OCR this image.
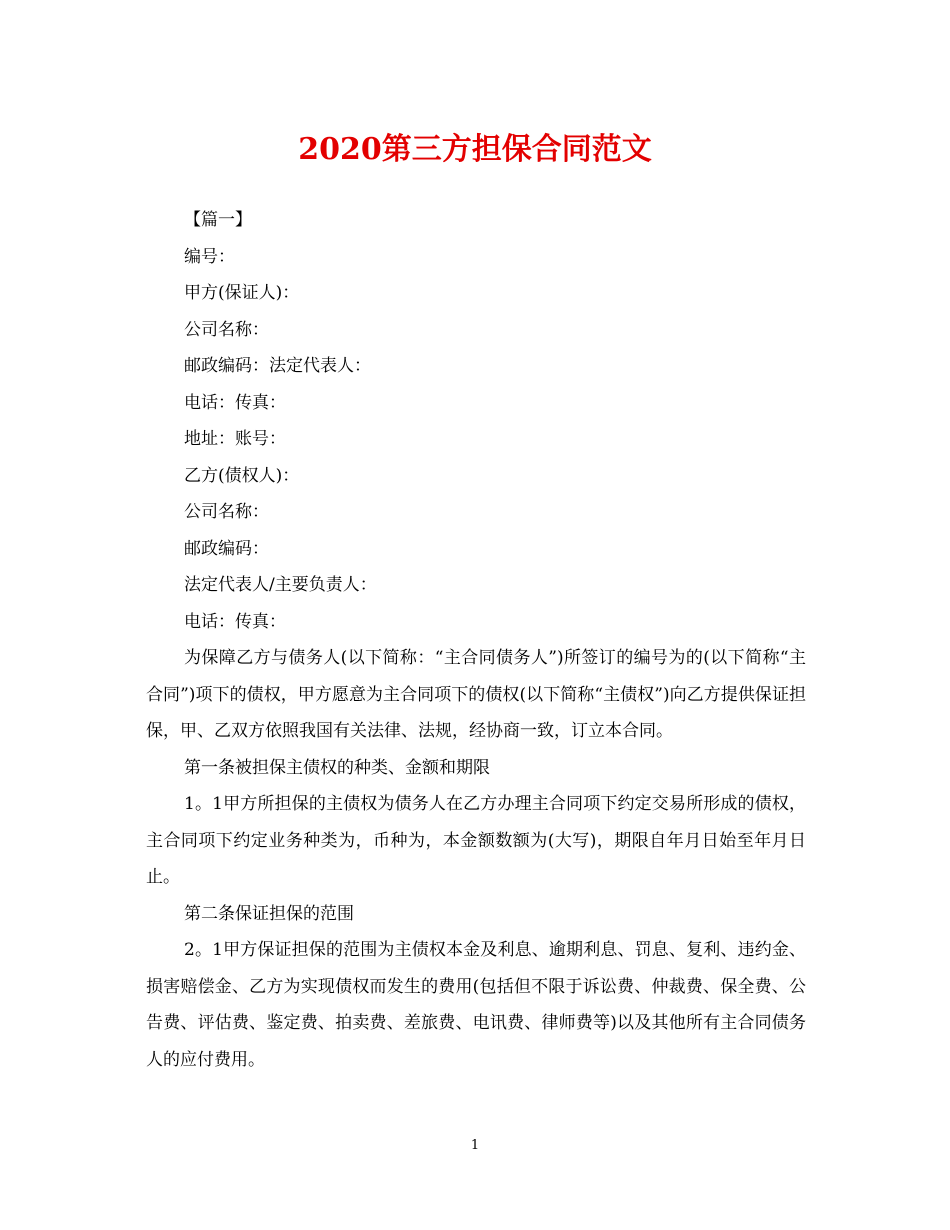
2020第三方担保合同范文

【篇一】

编号：

甲方(保证人)：

公司名称：

邮政编码：法定代表人：

电话：传真：

地址：账号：

乙方(债权人)：

公司名称：

邮政编码：

法定代表人/主要负责人：

电话：传真：

为保障乙方与债务人(以下简称：“主合同债务人”)所签订的编号为的(以下简称“主合同”)项下的债权，甲方愿意为主合同项下的债权(以下简称“主债权”)向乙方提供保证担保，甲、乙双方依照我国有关法律、法规，经协商一致，订立本合同。

第一条被担保主债权的种类、金额和期限

1。1甲方所担保的主债权为债务人在乙方办理主合同项下约定交易所形成的债权，主合同项下约定业务种类为，币种为，本金额数额为(大写)，期限自年月日始至年月日止。

第二条保证担保的范围

2。1甲方保证担保的范围为主债权本金及利息、逾期利息、罚息、复利、违约金、损害赔偿金、乙方为实现债权而发生的费用(包括但不限于诉讼费、仲裁费、保全费、公告费、评估费、鉴定费、拍卖费、差旅费、电讯费、律师费等)以及其他所有主合同债务人的应付费用。

1
